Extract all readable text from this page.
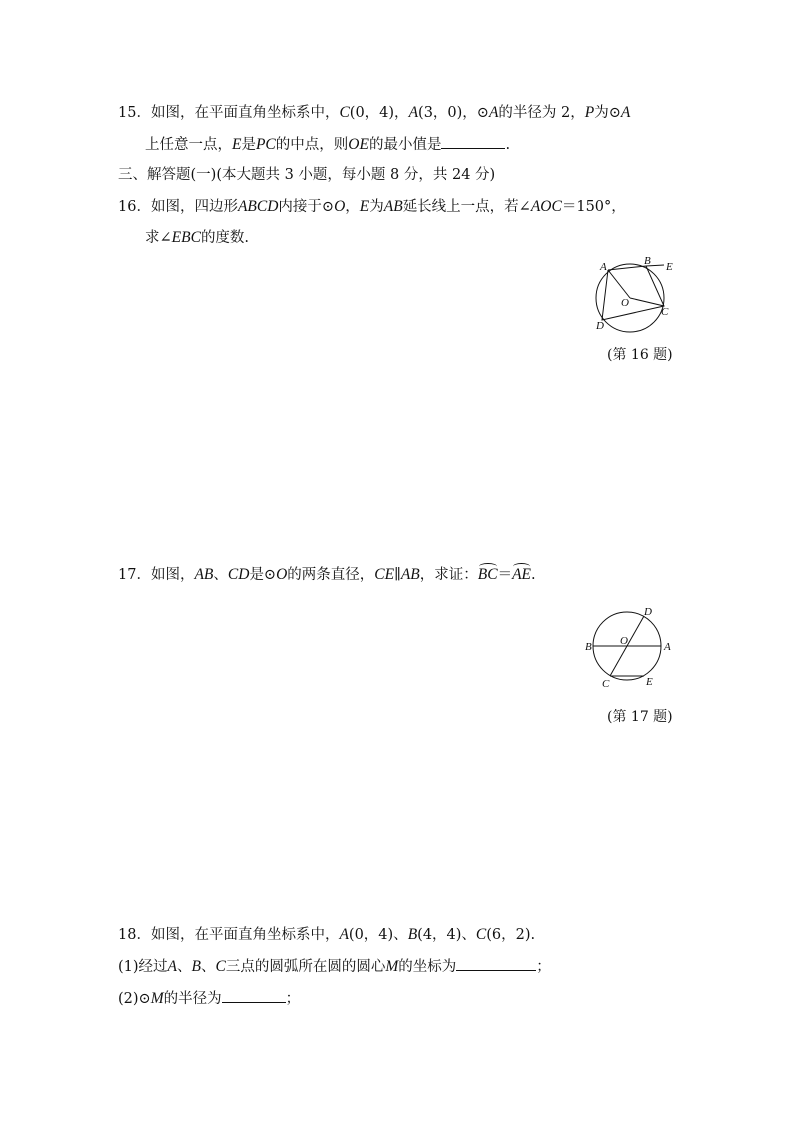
15．如图，在平面直角坐标系中，C(0，4)，A(3，0)，⊙A的半径为 2，P为⊙A
上任意一点，E是PC的中点，则OE的最小值是	.
三、解答题(一)(本大题共 3 小题，每小题 8 分，共 24 分)
16．如图，四边形ABCD内接于⊙O，E为AB延长线上一点，若∠AOC＝150°，
求∠EBC的度数.
A	B E
O
C
D
(第 16 题)
17．如图，AB、CD是⊙O的两条直径，CE∥AB，求证：BC＝AE.
D
B	O	A
C	E
(第 17 题)
18．如图，在平面直角坐标系中，A(0，4)、B(4，4)、C(6，2).
(1)经过A、B、C三点的圆弧所在圆的圆心M的坐标为	；
(2)⊙M的半径为	；
